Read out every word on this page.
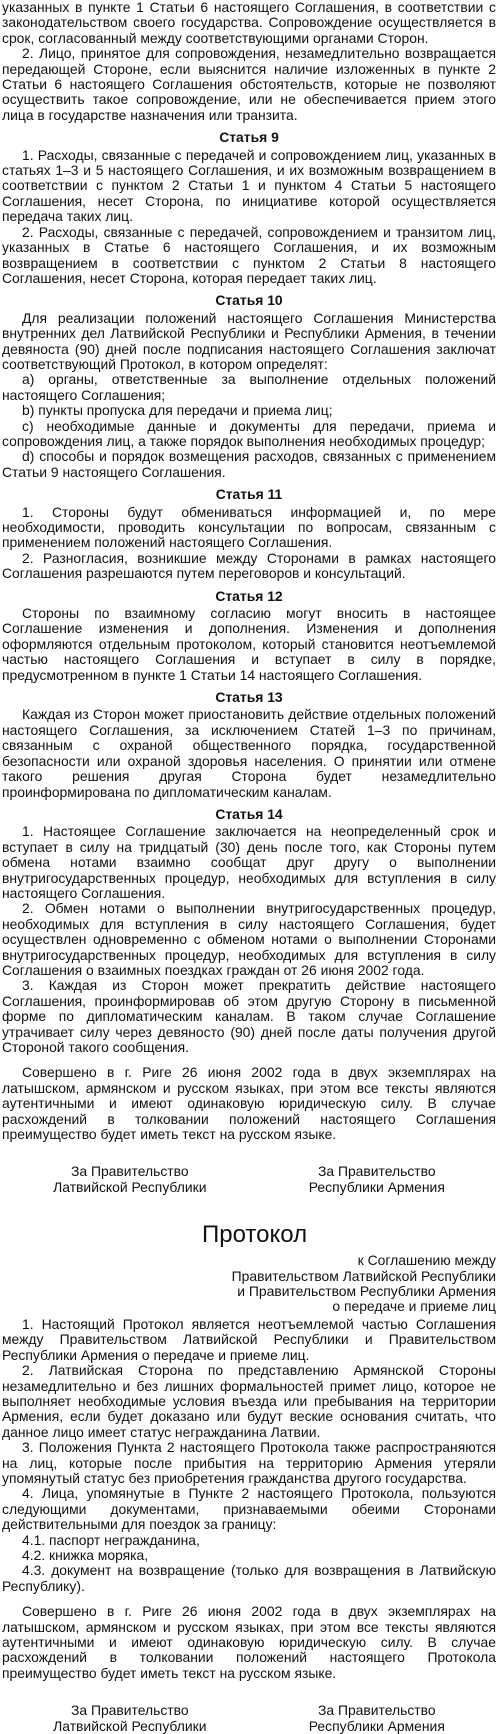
указанных в пункте 1 Статьи 6 настоящего Соглашения, в соответствии с законодательством своего государства. Сопровождение осуществляется в срок, согласованный между соответствующими органами Сторон.

2. Лицо, принятое для сопровождения, незамедлительно возвращается передающей Стороне, если выяснится наличие изложенных в пункте 2 Статьи 6 настоящего Соглашения обстоятельств, которые не позволяют осуществить такое сопровождение, или не обеспечивается прием этого лица в государстве назначения или транзита.

Статья 9

1. Расходы, связанные с передачей и сопровождением лиц, указанных в статьях 1–3 и 5 настоящего Соглашения, и их возможным возвращением в соответствии с пунктом 2 Статьи 1 и пунктом 4 Статьи 5 настоящего Соглашения, несет Сторона, по инициативе которой осуществляется передача таких лиц.

2. Расходы, связанные с передачей, сопровождением и транзитом лиц, указанных в Статье 6 настоящего Соглашения, и их возможным возвращением в соответствии с пунктом 2 Статьи 8 настоящего Соглашения, несет Сторона, которая передает таких лиц.

Статья 10

Для реализации положений настоящего Соглашения Министерства внутренних дел Латвийской Республики и Республики Армения, в течении девяноста (90) дней после подписания настоящего Соглашения заключат соответствующий Протокол, в котором определят:

а) органы, ответственные за выполнение отдельных положений настоящего Соглашения;

b) пункты пропуска для передачи и приема лиц;

с) необходимые данные и документы для передачи, приема и сопровождения лиц, а также порядок выполнения необходимых процедур;

d) способы и порядок возмещения расходов, связанных с применением Статьи 9 настоящего Соглашения.

Статья 11

1. Стороны будут обмениваться информацией и, по мере необходимости, проводить консультации по вопросам, связанным с применением положений настоящего Соглашения.

2. Разногласия, возникшие между Сторонами в рамках настоящего Соглашения разрешаются путем переговоров и консультаций.

Статья 12

Стороны по взаимному согласию могут вносить в настоящее Соглашение изменения и дополнения. Изменения и дополнения оформляются отдельным протоколом, который становится неотъемлемой частью настоящего Соглашения и вступает в силу в порядке, предусмотренном в пункте 1 Статьи 14 настоящего Соглашения.

Статья 13

Каждая из Сторон может приостановить действие отдельных положений настоящего Соглашения, за исключением Статей 1–3 по причинам, связанным с охраной общественного порядка, государственной безопасности или охраной здоровья населения. О принятии или отмене такого решения другая Сторона будет незамедлительно проинформирована по дипломатическим каналам.

Статья 14

1. Настоящее Соглашение заключается на неопределенный срок и вступает в силу на тридцатый (30) день после того, как Стороны путем обмена нотами взаимно сообщат друг другу о выполнении внутригосударственных процедур, необходимых для вступления в силу настоящего Соглашения.

2. Обмен нотами о выполнении внутригосударственных процедур, необходимых для вступления в силу настоящего Соглашения, будет осуществлен одновременно с обменом нотами о выполнении Сторонами внутригосударственных процедур, необходимых для вступления в силу Соглашения о взаимных поездках граждан от 26 июня 2002 года.

3. Каждая из Сторон может прекратить действие настоящего Соглашения, проинформировав об этом другую Сторону в письменной форме по дипломатическим каналам. В таком случае Соглашение утрачивает силу через девяносто (90) дней после даты получения другой Стороной такого сообщения.

Совершено в г. Риге 26 июня 2002 года в двух экземплярах на латышском, армянском и русском языках, при этом все тексты являются аутентичными и имеют одинаковую юридическую силу. В случае расхождений в толковании положений настоящего Соглашения преимущество будет иметь текст на русском языке.

За Правительство
Латвийской Республики
За Правительство
Республики Армения
Протокол
к Соглашению между
Правительством Латвийской Республики
и Правительством Республики Армения
о передаче и приеме лиц

1. Настоящий Протокол является неотъемлемой частью Соглашения между Правительством Латвийской Республики и Правительством Республики Армения о передаче и приеме лиц.

2. Латвийская Сторона по представлению Армянской Стороны незамедлительно и без лишних формальностей примет лицо, которое не выполняет необходимые условия въезда или пребывания на территории Армения, если будет доказано или будут веские основания считать, что данное лицо имеет статус негражданина Латвии.

3. Положения Пункта 2 настоящего Протокола также распространяются на лиц, которые после прибытия на территорию Армения утеряли упомянутый статус без приобретения гражданства другого государства.

4. Лица, упомянутые в Пункте 2 настоящего Протокола, пользуются следующими документами, признаваемыми обеими Сторонами действительными для поездок за границу:

4.1. паспорт негражданина,

4.2. книжка моряка,

4.3. документ на возвращение (только для возвращения в Латвийскую Республику).

Совершено в г. Риге 26 июня 2002 года в двух экземплярах на латышском, армянском и русском языках, при этом все тексты являются аутентичными и имеют одинаковую юридическую силу. В случае расхождений в толковании положений настоящего Протокола преимущество будет иметь текст на русском языке.

За Правительство
Латвийской Республики
За Правительство
Республики Армения
